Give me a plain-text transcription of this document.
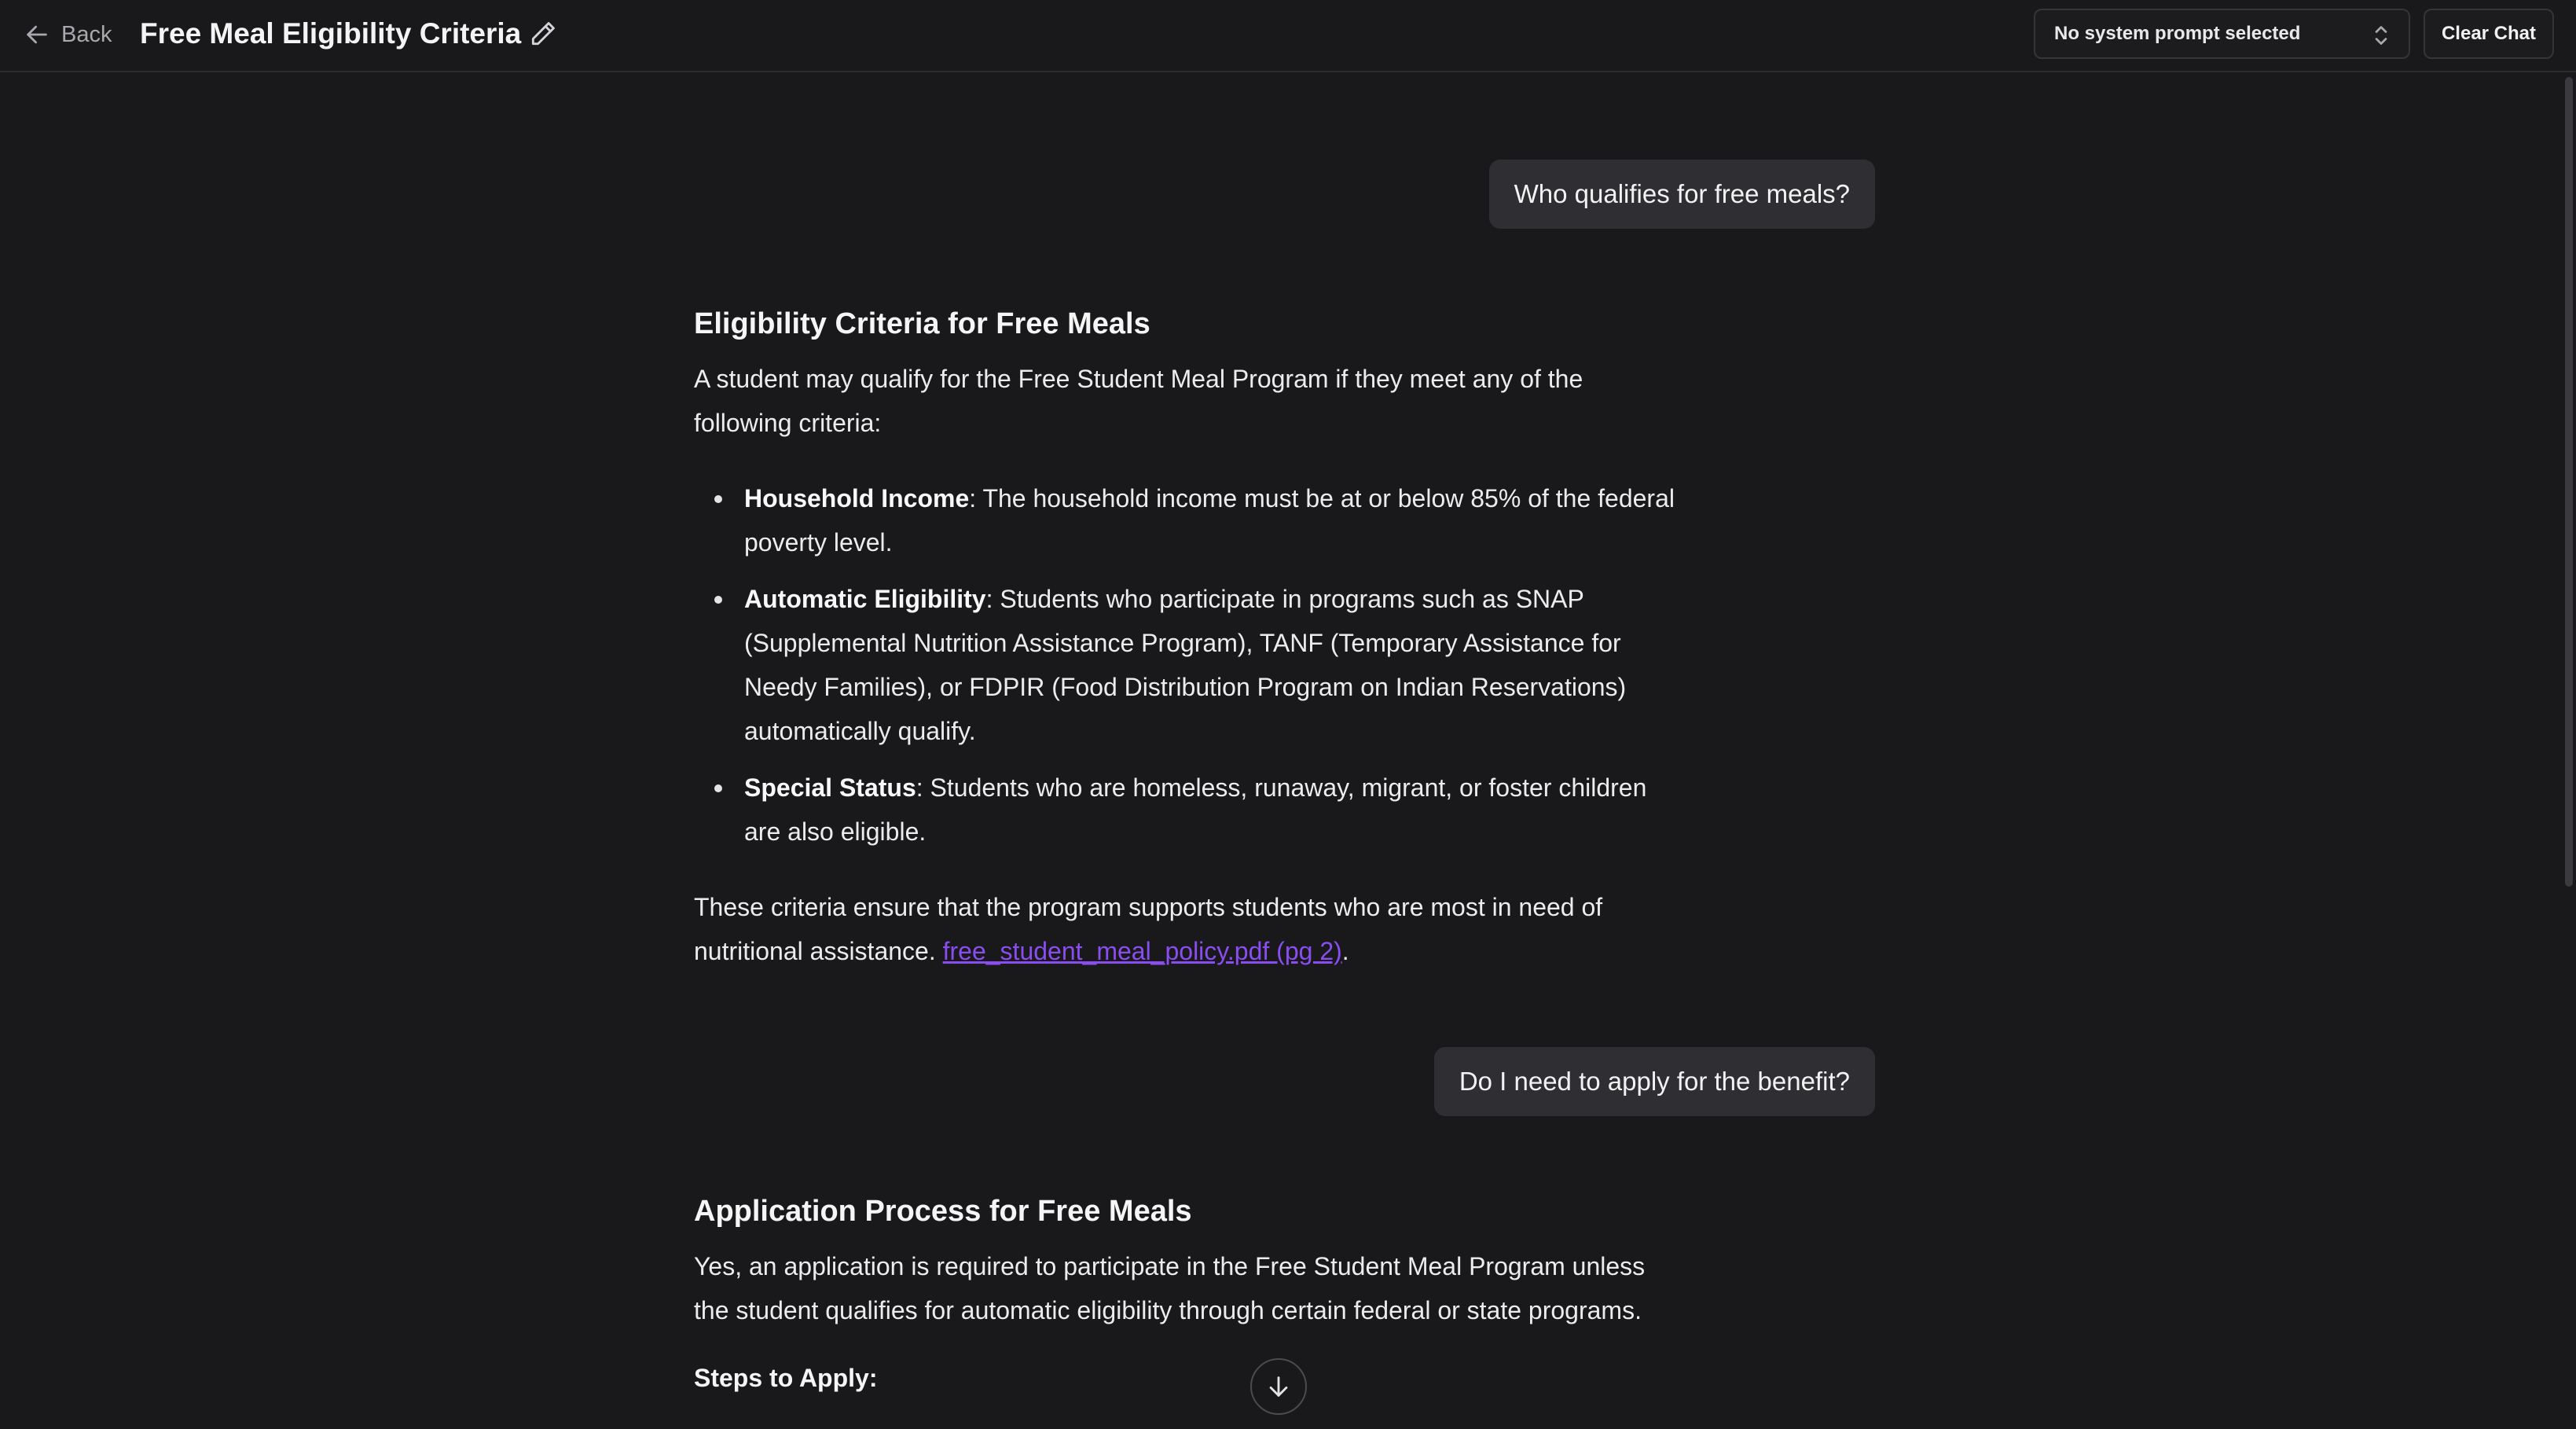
Back Free Meal Eligibility Criteria	No system prompt selected	Clear Chat
Who qualifies for free meals?
Eligibility Criteria for Free Meals

A student may qualify for the Free Student Meal Program if they meet any of the following criteria:

Household Income: The household income must be at or below 85% of the federal poverty level.
Automatic Eligibility: Students who participate in programs such as SNAP (Supplemental Nutrition Assistance Program), TANF (Temporary Assistance for Needy Families), or FDPIR (Food Distribution Program on Indian Reservations) automatically qualify.
Special Status: Students who are homeless, runaway, migrant, or foster children are also eligible.

These criteria ensure that the program supports students who are most in need of nutritional assistance. free_student_meal_policy.pdf (pg 2).

Do I need to apply for the benefit?
Application Process for Free Meals

Yes, an application is required to participate in the Free Student Meal Program unless the student qualifies for automatic eligibility through certain federal or state programs.

Steps to Apply:
